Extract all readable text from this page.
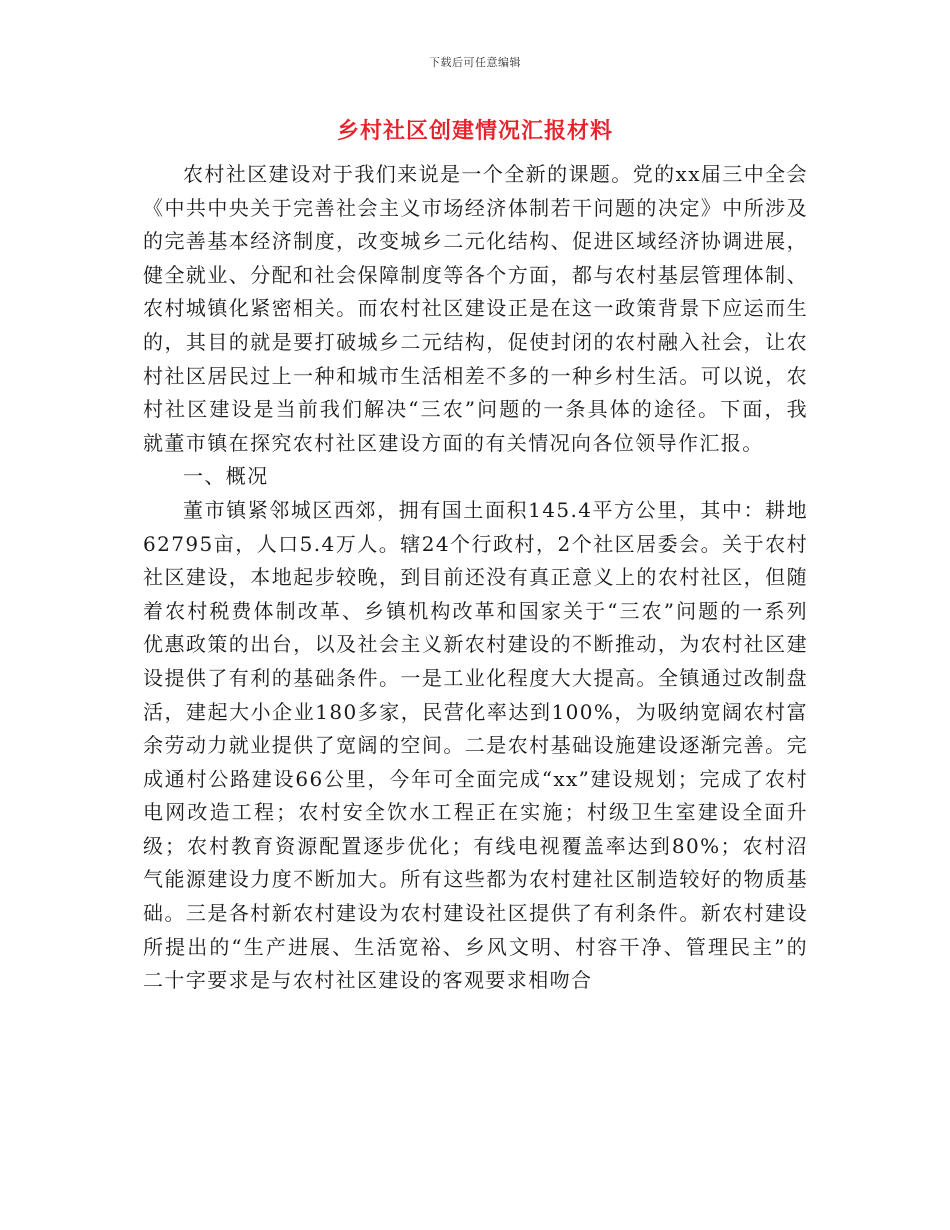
下载后可任意编辑
乡村社区创建情况汇报材料

农村社区建设对于我们来说是一个全新的课题。党的xx届三中全会《中共中央关于完善社会主义市场经济体制若干问题的决定》中所涉及的完善基本经济制度，改变城乡二元化结构、促进区域经济协调进展，健全就业、分配和社会保障制度等各个方面，都与农村基层管理体制、农村城镇化紧密相关。而农村社区建设正是在这一政策背景下应运而生的，其目的就是要打破城乡二元结构，促使封闭的农村融入社会，让农村社区居民过上一种和城市生活相差不多的一种乡村生活。可以说，农村社区建设是当前我们解决“三农”问题的一条具体的途径。下面，我就董市镇在探究农村社区建设方面的有关情况向各位领导作汇报。

一、概况

董市镇紧邻城区西郊，拥有国土面积145.4平方公里，其中：耕地62795亩，人口5.4万人。辖24个行政村，2个社区居委会。关于农村社区建设，本地起步较晚，到目前还没有真正意义上的农村社区，但随着农村税费体制改革、乡镇机构改革和国家关于“三农”问题的一系列优惠政策的出台，以及社会主义新农村建设的不断推动，为农村社区建设提供了有利的基础条件。一是工业化程度大大提高。全镇通过改制盘活，建起大小企业180多家，民营化率达到100%，为吸纳宽阔农村富余劳动力就业提供了宽阔的空间。二是农村基础设施建设逐渐完善。完成通村公路建设66公里，今年可全面完成“xx”建设规划；完成了农村电网改造工程；农村安全饮水工程正在实施；村级卫生室建设全面升级；农村教育资源配置逐步优化；有线电视覆盖率达到80%；农村沼气能源建设力度不断加大。所有这些都为农村建社区制造较好的物质基础。三是各村新农村建设为农村建设社区提供了有利条件。新农村建设所提出的“生产进展、生活宽裕、乡风文明、村容干净、管理民主”的二十字要求是与农村社区建设的客观要求相吻合
